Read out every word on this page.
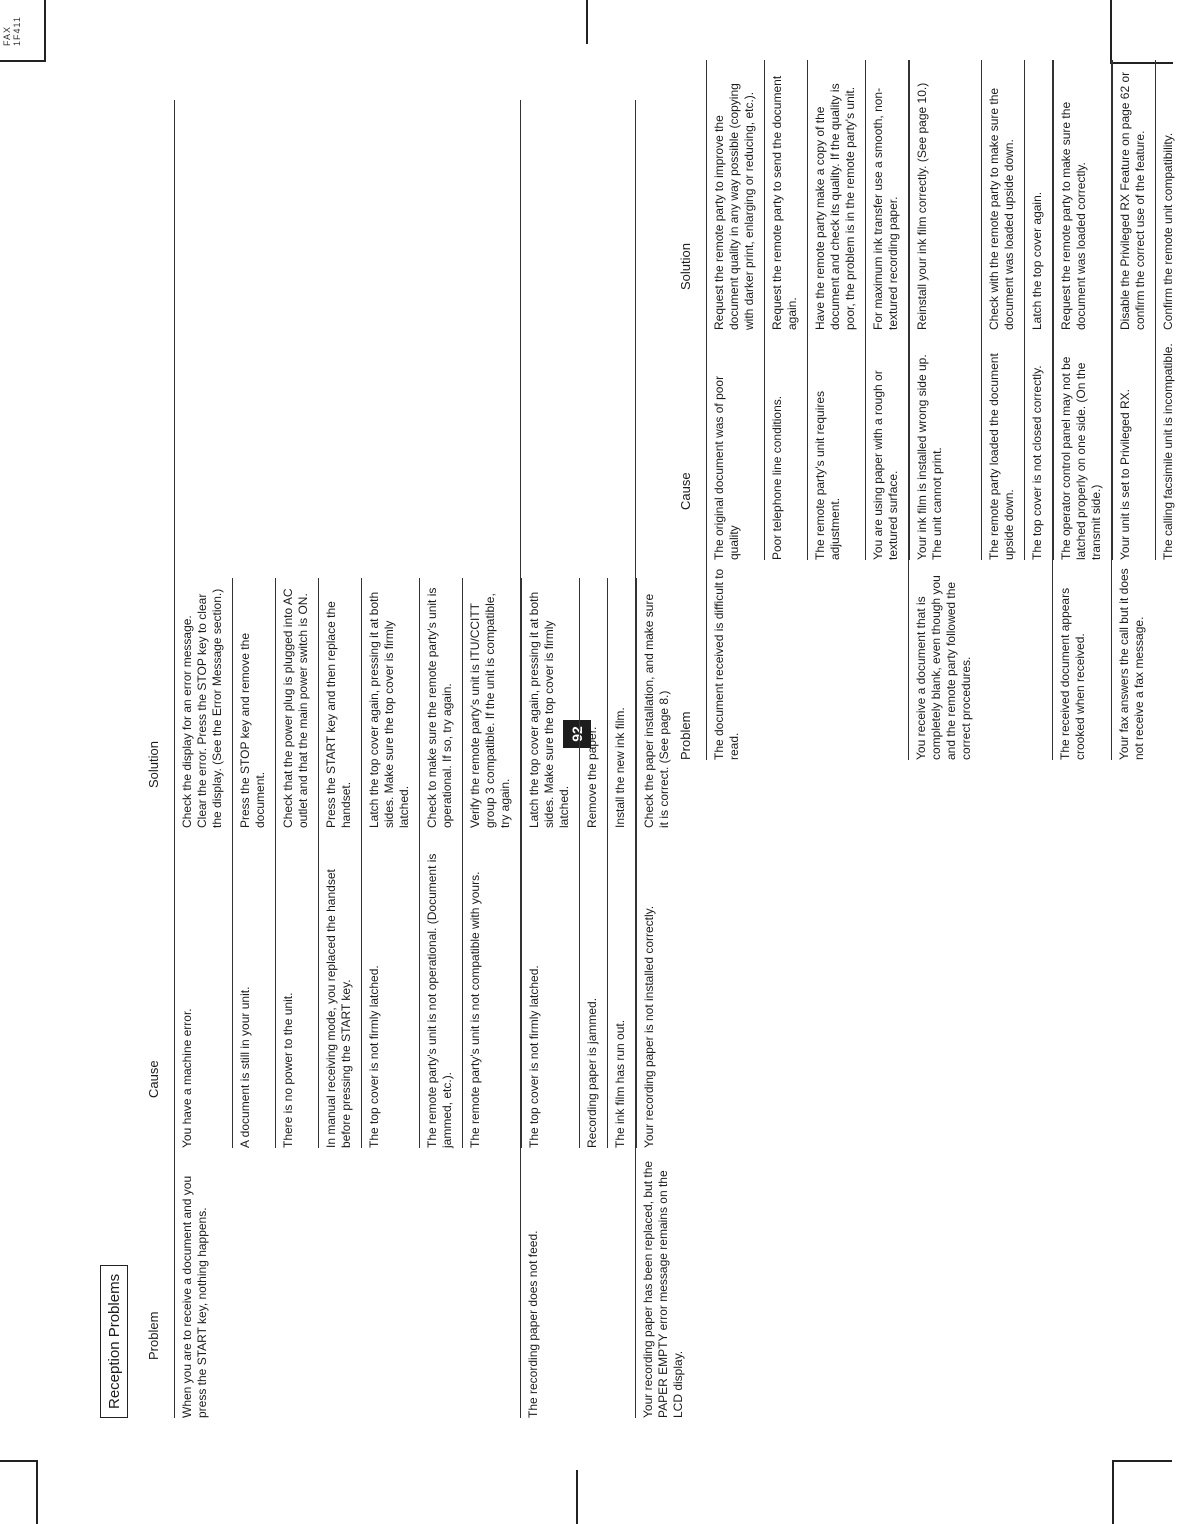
FAX 1F411
92
Reception Problems	Problem
Cause
Solution
When you are to receive a document and you press the START key, nothing happens.
You have a machine error.
Check the display for an error message. Clear the error. Press the STOP key to clear the display. (See the Error Message section.)
A document is still in your unit.
Press the STOP key and remove the document.
There is no power to the unit.
Check that the power plug is plugged into AC outlet and that the main power switch is ON.
In manual receiving mode, you replaced the handset before pressing the START key.
Press the START key and then replace the handset.
The top cover is not firmly latched.
Latch the top cover again, pressing it at both sides. Make sure the top cover is firmly latched.
The remote party's unit is not operational. (Document is jammed, etc.).
Check to make sure the remote party's unit is operational. If so, try again.
The remote party's unit is not compatible with yours.
Verify the remote party's unit is ITU/CCITT group 3 compatible. If the unit is compatible, try again.
The recording paper does not feed.
The top cover is not firmly latched.
Latch the top cover again, pressing it at both sides. Make sure the top cover is firmly latched.
Recording paper is jammed.
Remove the paper.
The ink film has run out.
Install the new ink film.
Your recording paper has been replaced, but the PAPER EMPTY error message remains on the LCD display.
Your recording paper is not installed correctly.
Check the paper installation, and make sure it is correct. (See page 8.) Problem
Cause
Solution
The document received is difficult to read.
The original document was of poor quality
Request the remote party to improve the document quality in any way possible (copying with darker print, enlarging or reducing, etc.).
Poor telephone line conditions.
Request the remote party to send the document again.
The remote party's unit requires adjustment.
Have the remote party make a copy of the document and check its quality. If the quality is poor, the problem is in the remote party's unit.
You are using paper with a rough or textured surface.
For maximum ink transfer use a smooth, non-textured recording paper.
You receive a document that is completely blank, even though you and the remote party followed the correct procedures.
Your ink film is installed wrong side up. The unit cannot print.
Reinstall your ink film correctly. (See page 10.)
The remote party loaded the document upside down.
Check with the remote party to make sure the document was loaded upside down.
The top cover is not closed correctly.
Latch the top cover again.
The received document appears crooked when received.
The operator control panel may not be latched properly on one side. (On the transmit side.)
Request the remote party to make sure the document was loaded correctly.
Your fax answers the call but it does not receive a fax message.
Your unit is set to Privileged RX.
Disable the Privileged RX Feature on page 62 or confirm the correct use of the feature.
The calling facsimile unit is incompatible.
Confirm the remote unit compatibility.
